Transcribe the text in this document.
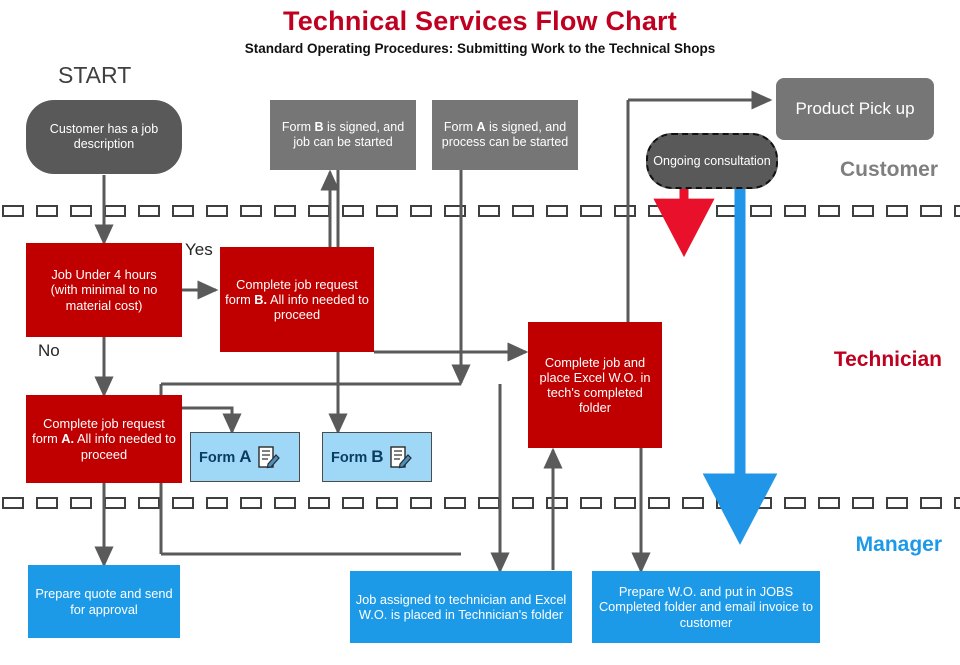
Technical Services Flow Chart
Standard Operating Procedures: Submitting Work to the Technical Shops
Customer
Technician
Manager
START
Customer has a job description
Form B is signed, and job can be started
Form A is signed, and process can be started
Ongoing consultation
Product Pick up
Job Under 4 hours
(with minimal to no material cost)
Complete job request form B. All info needed to proceed
Complete job request form A. All info needed to proceed
Complete job and place Excel W.O. in tech's completed folder
Form A	Form B
Yes
No
Prepare quote and send for approval
Job assigned to technician and Excel W.O. is placed in Technician's folder
Prepare W.O. and put in JOBS Completed folder and email invoice to customer
